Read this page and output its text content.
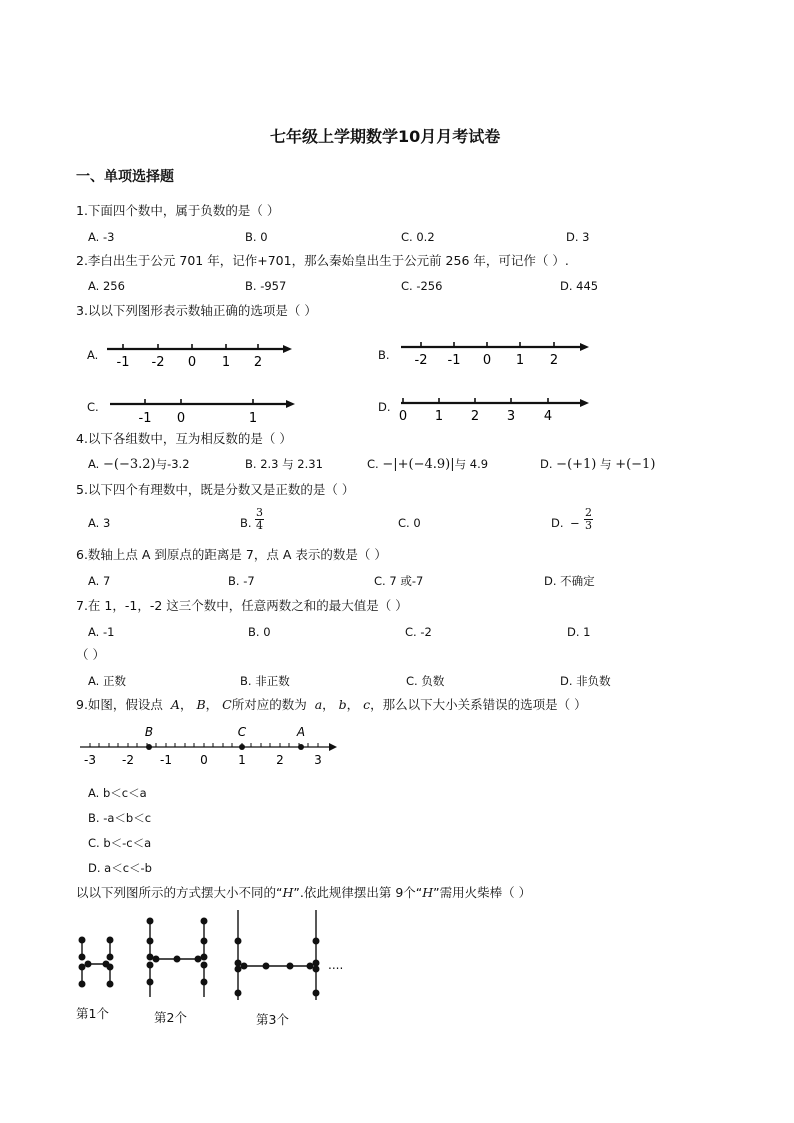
七年级上学期数学10月月考试卷
一、单项选择题
1.下面四个数中，属于负数的是（ ）
A. -3	B. 0	C. 0.2	D. 3
2.李白出生于公元 701 年，记作+701，那么秦始皇出生于公元前 256 年，可记作（ ）.
A. 256	B. -957	C. -256	D. 445
3.以以下列图形表示数轴正确的选项是（ ）
A. -1 -2 0 1 2	B. -2 -1 0 1 2
C.
-1 0	1
D.
0 1 2 3 4
4.以下各组数中，互为相反数的是（ ）
A. −(−3.2)与-3.2	B. 2.3 与 2.31	C. −|+(−4.9)|与 4.9	D. −(+1) 与 +(−1)
5.以下四个有理数中，既是分数又是正数的是（ ）
A. 3	B. $\frac{3}{4}$	C. 0	D. − $\frac{2}{3}$
6.数轴上点 A 到原点的距离是 7，点 A 表示的数是（ ）
A. 7	B. -7	C. 7 或-7	D. 不确定
7.在 1，-1，-2 这三个数中，任意两数之和的最大值是（ ）
A. -1	B. 0	C. -2	D. 1
（ ）
A. 正数	B. 非正数	C. 负数	D. 非负数
9.如图，假设点 A， B， C所对应的数为 a， b， c，那么以下大小关系错误的选项是（ ）
-3 -2 -1 0	1	2	3
B	C	A
A. b＜c＜a
B. -a＜b＜c
C. b＜-c＜a
D. a＜c＜-b
以以下列图所示的方式摆大小不同的“H”.依此规律摆出第 9个“H”需用火柴棒（ ）
....
第1个	第2个	第3个
